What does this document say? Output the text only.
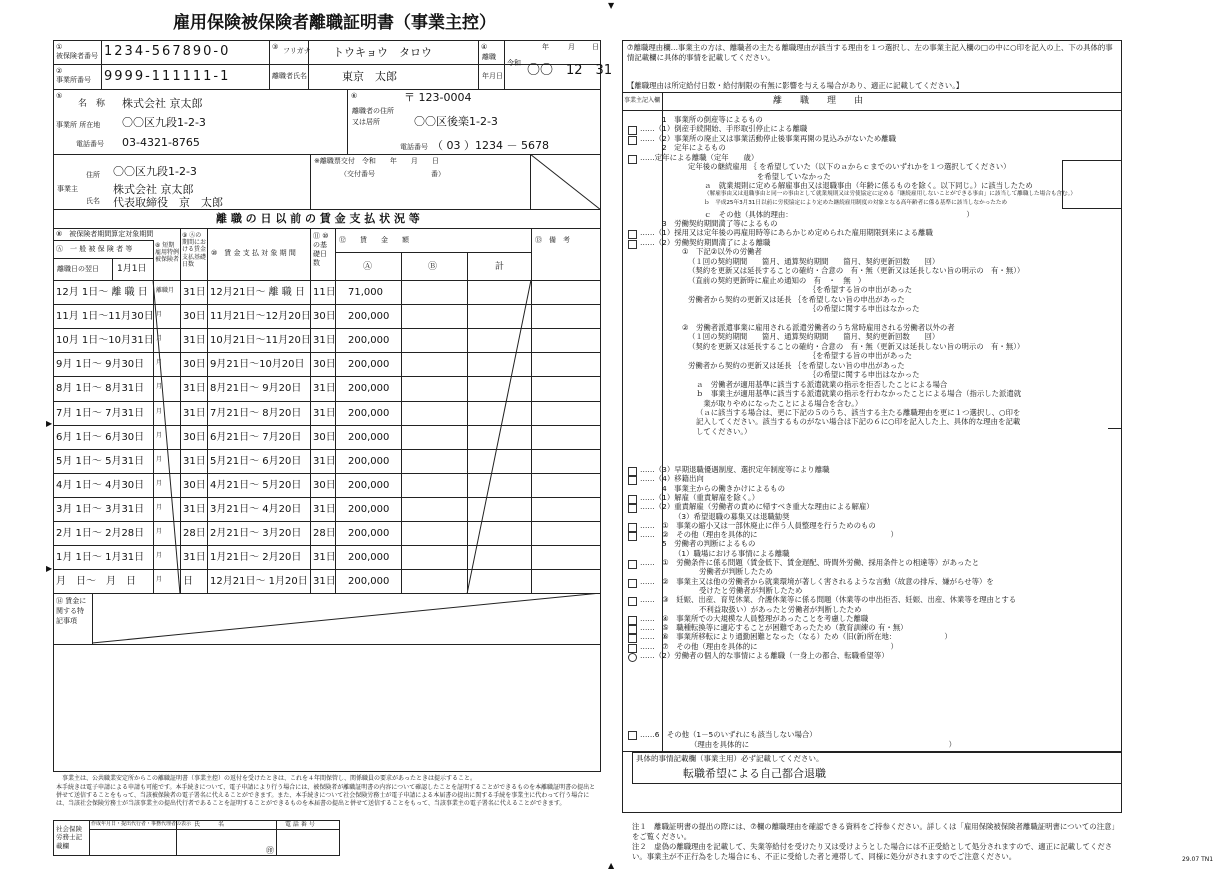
雇用保険被保険者離職証明書（事業主控）
①
被保険者番号 1234-567890-0
②
事業所番号 9999-111111-1
③ フリガナ トウキョウ　タロウ
離職者氏名	東京　太郎
④
離職
年月日
令和
年	月 日
〇〇　12　31
⑤
名　称 株式会社 京太郎
事業所 所在地 〇〇区九段1-2-3
電話番号 03-4321-8765
⑥
離職者の住所又は居所
〒 123-0004
〇〇区後楽1-2-3
電話番号 （ 03 ）1234 － 5678
住所 〇〇区九段1-2-3
事業主
氏名
株式会社 京太郎
代表取締役　京　太郎
※離職票交付　令和　　年　　月　　日
（交付番号　　　　　　　　番）
離 職 の 日 以 前 の 賃 金 支 払 状 況 等
⑧　被保険者期間算定対象期間
Ⓐ　一 般 被 保 険 者 等	⑧ 短期雇用特例被保険者
⑨ Ⓐの期間における賃金支払基礎日数
⑩　賃 金 支 払 対 象 期 間
⑪ ⑩の基礎日数
⑫　　賃　　金　　額
Ⓐ	Ⓑ	計
⑬　備　考
離職日の翌日 1月1日
12月 1日～ 離 職 日 離職月 31日 12月21日～ 離 職 日 11日 71,000
11月 1日～11月30日 月 30日 11月21日～12月20日 30日 200,000
10月 1日～10月31日 月 31日 10月21日～11月20日 31日 200,000
9月 1日～ 9月30日 月 30日 9月21日～10月20日 30日 200,000
8月 1日～ 8月31日 月 31日 8月21日～ 9月20日 31日 200,000
7月 1日～ 7月31日 月 31日 7月21日～ 8月20日 31日 200,000
6月 1日～ 6月30日 月 30日 6月21日～ 7月20日 30日 200,000
5月 1日～ 5月31日 月 31日 5月21日～ 6月20日 31日 200,000
4月 1日～ 4月30日 月 30日 4月21日～ 5月20日 30日 200,000
3月 1日～ 3月31日 月 31日 3月21日～ 4月20日 31日 200,000
2月 1日～ 2月28日 月 28日 2月21日～ 3月20日 28日 200,000
1月 1日～ 1月31日 月 31日 1月21日～ 2月20日 31日 200,000
月　日～　月　日	月 日 12月21日～ 1月20日 31日 200,000
⑭ 賃金に関する特記事項
事業主は、公共職業安定所からこの離職証明書（事業主控）の返付を受けたときは、これを４年間保管し、関係職員の要求があったときは提示すること。
本手続きは電子申請による申請も可能です。本手続きについて、電子申請により行う場合には、被保険者が離職証明書の内容について確認したことを証明することができるものを本離職証明書の提出と併せて送信することをもって、当該被保険者の電子署名に代えることができます。また、本手続きについて社会保険労務士が電子申請による本届書の提出に関する手続を事業主に代わって行う場合には、当該社会保険労務士が当該事業主の提出代行者であることを証明することができるものを本届書の提出と併せて送信することをもって、当該事業主の電子署名に代えることができます。
社会保険労務士記載欄
作成年月日・提出代行者・事務代理者の表示 氏　　　名	電 話 番 号
㊞
▶
▶
⑦離職理由欄…事業主の方は、離職者の主たる離職理由が該当する理由を１つ選択し、左の事業主記入欄の□の中に○印を記入の上、下の具体的事情記載欄に具体的事情を記載してください。
【離職理由は所定給付日数・給付制限の有無に影響を与える場合があり、適正に記載してください。】
事業主記入欄	離　　職　　理　　由
1　事業所の倒産等によるもの
……（1）倒産手続開始、手形取引停止による離職
……（2）事業所の廃止又は事業活動停止後事業再開の見込みがないため離職
2　定年によるもの
……定年による離職（定年　　歳）
定年後の継続雇用 ｛ を希望していた（以下のａからｃまでのいずれかを１つ選択してください）
　　　　　　　　　 を希望していなかった
ａ　就業規則に定める解雇事由又は退職事由（年齢に係るものを除く。以下同じ。）に該当したため
（解雇事由又は退職事由と同一の事由として就業規則又は労使協定に定める「継続雇用しないことができる事由」に該当して離職した場合も含む。）
ｂ　平成25年3月31日以前に労使協定により定めた継続雇用制度の対象となる高年齢者に係る基準に該当しなかったため
ｃ　その他（具体的理由：　　　　　　　　　　　　　　　　　　　　　　　　）
3　労働契約期間満了等によるもの
……（1）採用又は定年後の再雇用時等にあらかじめ定められた雇用期限到来による離職
……（2）労働契約期間満了による離職
①　下記②以外の労働者
（１回の契約期間　　箇月、通算契約期間　　箇月、契約更新回数　　回）
（契約を更新又は延長することの確約・合意の　有・無（更新又は延長しない旨の明示の　有・無））
（直前の契約更新時に雇止め通知の　有　・　無　）
　　　　　　　　　　　　　　　　 ｛を希望する旨の申出があった
労働者から契約の更新又は延長 ｛を希望しない旨の申出があった
　　　　　　　　　　　　　　　　 ｛の希望に関する申出はなかった
②　労働者派遣事業に雇用される派遣労働者のうち常時雇用される労働者以外の者
（１回の契約期間　　箇月、通算契約期間　　箇月、契約更新回数　　回）
（契約を更新又は延長することの確約・合意の　有・無（更新又は延長しない旨の明示の　有・無））
　　　　　　　　　　　　　　　　 ｛を希望する旨の申出があった
労働者から契約の更新又は延長 ｛を希望しない旨の申出があった
　　　　　　　　　　　　　　　　 ｛の希望に関する申出はなかった
ａ　労働者が適用基準に該当する派遣就業の指示を拒否したことによる場合
ｂ　事業主が適用基準に該当する派遣就業の指示を行わなかったことによる場合（指示した派遣就
　業が取りやめになったことによる場合を含む。）
（ａに該当する場合は、更に下記の５のうち、該当する主たる離職理由を更に１つ選択し、○印を
記入してください。該当するものがない場合は下記の６に○印を記入した上、具体的な理由を記載
してください。）
……（3）早期退職優遇制度、選択定年制度等により離職
……（4）移籍出向
4　事業主からの働きかけによるもの
……（1）解雇（重責解雇を除く。）
……（2）重責解雇（労働者の責めに帰すべき重大な理由による解雇）
（3）希望退職の募集又は退職勧奨
……　①　事業の縮小又は一部休廃止に伴う人員整理を行うためのもの
……　②　その他（理由を具体的に　　　　　　　　　　　　　　　　　　）
5　労働者の判断によるもの
（1）職場における事情による離職
……　①　労働条件に係る問題（賃金低下、賃金遅配、時間外労働、採用条件との相違等）があったと
　　　　　労働者が判断したため
……　②　事業主又は他の労働者から就業環境が著しく害されるような言動（故意の排斥、嫌がらせ等）を
　　　　　受けたと労働者が判断したため
……　③　妊娠、出産、育児休業、介護休業等に係る問題（休業等の申出拒否、妊娠、出産、休業等を理由とする
　　　　　不利益取扱い）があったと労働者が判断したため
……　④　事業所での大規模な人員整理があったことを考慮した離職
……　⑤　職種転換等に適応することが困難であったため（教育訓練の 有・無）
……　⑥　事業所移転により通勤困難となった（なる）ため（旧(新)所在地：　　　　　　　）
……　⑦　その他（理由を具体的に　　　　　　　　　　　　　　　　　　）
……（2）労働者の個人的な事情による離職（一身上の都合、転職希望等）
……6　その他（1－5のいずれにも該当しない場合）
（理由を具体的に　　　　　　　　　　　　　　　　　　　　　　　　　　　）
具体的事情記載欄（事業主用）必ず記載してください。
転職希望による自己都合退職
注１　離職証明書の提出の際には、⑦欄の離職理由を確認できる資料をご持参ください。詳しくは「雇用保険被保険者離職証明書についての注意」をご覧ください。
注２　虚偽の離職理由を記載して、失業等給付を受けたり又は受けようとした場合には不正受給として処分されますので、適正に記載してください。事業主が不正行為をした場合にも、不正に受給した者と連帯して、同様に処分がされますのでご注意ください。	29.07 TN1
▼
▲
